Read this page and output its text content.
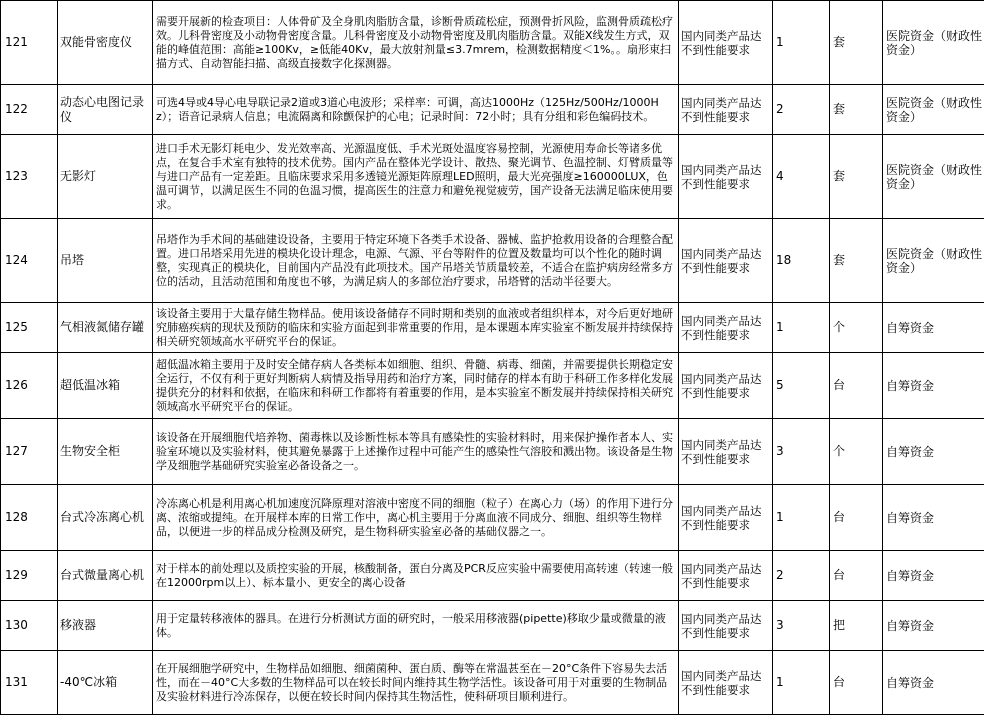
121	双能骨密度仪	需要开展新的检查项目：人体骨矿及全身肌肉脂肪含量，诊断骨质疏松症，预测骨折风险，监测骨质疏松疗效。儿科骨密度及小动物骨密度含量。儿科骨密度及小动物骨密度及肌肉脂肪含量。双能X线发生方式，双能的峰值范围：高能≥100Kv，≥低能40Kv，最大放射剂量≤3.7mrem，检测数据精度＜1%。。扇形束扫描方式、自动智能扫描、高级直接数字化探测器。	国内同类产品达不到性能要求	1	套	医院资金（财政性资金）
122	动态心电图记录仪	可选4导或4导心电导联记录2道或3道心电波形；采样率：可调，高达1000Hz（125Hz/500Hz/1000Hz）；语音记录病人信息；电流隔离和除颤保护的心电；记录时间：72小时；具有分组和彩色编码技术。	国内同类产品达不到性能要求	2	套	医院资金（财政性资金）
123	无影灯	进口手术无影灯耗电少、发光效率高、光源温度低、手术光斑处温度容易控制，光源使用寿命长等诸多优点，在复合手术室有独特的技术优势。国内产品在整体光学设计、散热、聚光调节、色温控制、灯臂质量等与进口产品有一定差距。且临床要求采用多透镜光源矩阵原理LED照明，最大光亮强度≥160000LUX，色温可调节，以满足医生不同的色温习惯，提高医生的注意力和避免视觉疲劳，国产设备无法满足临床使用要求。	国内同类产品达不到性能要求	4	套	医院资金（财政性资金）
124	吊塔	吊塔作为手术间的基础建设设备，主要用于特定环境下各类手术设备、器械、监护抢救用设备的合理整合配置。进口吊塔采用先进的模块化设计理念，电源、气源、平台等附件的位置及数量均可以个性化的随时调整，实现真正的模块化，目前国内产品没有此项技术。国产吊塔关节质量较差，不适合在监护病房经常多方位的活动，且活动范围和角度也不够，为满足病人的多部位治疗要求，吊塔臂的活动半径要大。	国内同类产品达不到性能要求	18	套	医院资金（财政性资金）
125	气相液氮储存罐	该设备主要用于大量存储生物样品。使用该设备储存不同时期和类别的血液或者组织样本，对今后更好地研究肺癌疾病的现状及预防的临床和实验方面起到非常重要的作用，是本课题本库实验室不断发展并持续保持相关研究领域高水平研究平台的保证。	国内同类产品达不到性能要求	1	个	自筹资金
126	超低温冰箱	超低温冰箱主要用于及时安全储存病人各类标本如细胞、组织、骨髓、病毒、细菌，并需要提供长期稳定安全运行，不仅有利于更好判断病人病情及指导用药和治疗方案，同时储存的样本有助于科研工作多样化发展提供充分的材料和依据，在临床和科研工作都将有着重要的作用，是本实验室不断发展并持续保持相关研究领域高水平研究平台的保证。	国内同类产品达不到性能要求	5	台	自筹资金
127	生物安全柜	该设备在开展细胞代培养物、菌毒株以及诊断性标本等具有感染性的实验材料时，用来保护操作者本人、实验室环境以及实验材料，使其避免暴露于上述操作过程中可能产生的感染性气溶胶和溅出物。该设备是生物学及细胞学基础研究实验室必备设备之一。	国内同类产品达不到性能要求	3	个	自筹资金
128	台式冷冻离心机	冷冻离心机是利用离心机加速度沉降原理对溶液中密度不同的细胞（粒子）在离心力（场）的作用下进行分离、浓缩或提纯。在开展样本库的日常工作中，离心机主要用于分离血液不同成分、细胞、组织等生物样品，以便进一步的样品成分检测及研究，是生物科研实验室必备的基础仪器之一。	国内同类产品达不到性能要求	1	台	自筹资金
129	台式微量离心机	对于样本的前处理以及质控实验的开展，核酸制备，蛋白分离及PCR反应实验中需要使用高转速（转速一般在12000rpm以上）、标本量小、更安全的离心设备	国内同类产品达不到性能要求	2	台	自筹资金
130	移液器	用于定量转移液体的器具。在进行分析测试方面的研究时，一般采用移液器(pipette)移取少量或微量的液体。	国内同类产品达不到性能要求	3	把	自筹资金
131	-40℃冰箱	在开展细胞学研究中，生物样品如细胞、细菌菌种、蛋白质、酶等在常温甚至在－20°C条件下容易失去活性，而在－40°C大多数的生物样品可以在较长时间内维持其生物学活性。该设备可用于对重要的生物制品及实验材料进行冷冻保存，以便在较长时间内保持其生物活性，使科研项目顺利进行。	国内同类产品达不到性能要求	1	台	自筹资金
